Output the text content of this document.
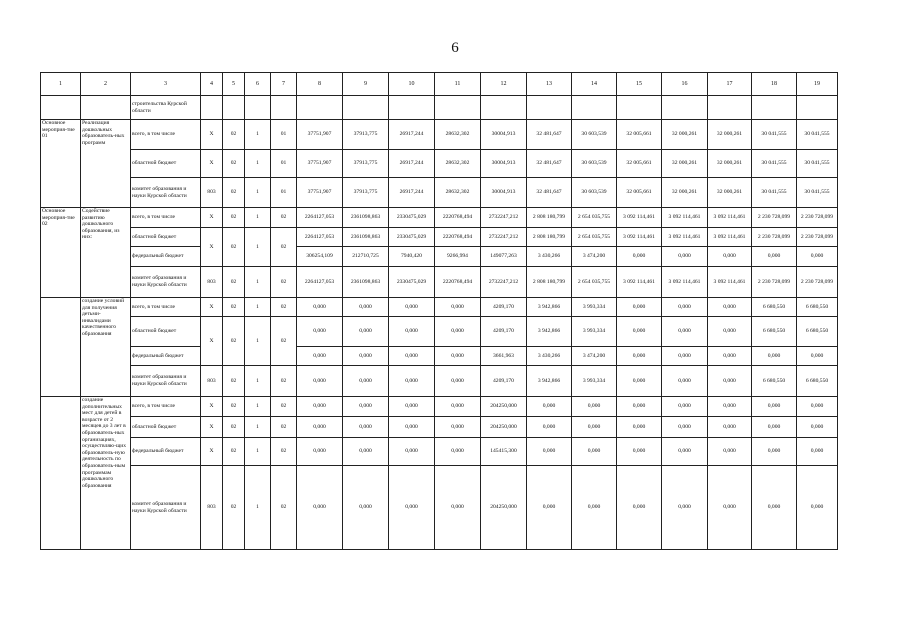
6
1	2	3	4	5	6	7	8	9	10	11	12	13	14	15	16	17	18	19
		строительства Курской области																
Основное мероприя-тие 01	Реализация дошкольных образователь-ных программ	всего, в том числе	Х	02	1	01	37751,907	37913,775	26917,244	28632,302	30004,913	32 481,647	30 603,539	32 005,661	32 000,261	32 000,261	30 041,555	30 041,555
		областной бюджет	Х	02	1	01	37751,907	37913,775	26917,244	28632,302	30004,913	32 481,647	30 603,539	32 005,661	32 000,261	32 000,261	30 041,555	30 041,555
		комитет образования и науки Курской области	803	02	1	01	37751,907	37913,775	26917,244	28632,302	30004,913	32 481,647	30 603,539	32 005,661	32 000,261	32 000,261	30 041,555	30 041,555
Основное мероприя-тие 02	Содействие развитию дошкольного образования, из них:	всего, в том числе	Х	02	1	02	2264127,053	2361098,863	2330475,029	2220768,494	2732247,212	2 808 180,799	2 654 035,755	3 092 114,461	3 092 114,461	3 092 114,461	2 230 728,099	2 230 728,099
		областной бюджет	Х	02	1	02	2264127,053	2361098,863	2330475,029	2220768,494	2732247,212	2 808 180,799	2 654 035,755	3 092 114,461	3 092 114,461	3 092 114,461	2 230 728,099	2 230 728,099
		федеральный бюджет					306254,109	212710,725	7940,420	9266,994	149077,263	3 430,266	3 474,200	0,000	0,000	0,000	0,000	0,000
		комитет образования и науки Курской области	803	02	1	02	2264127,053	2361098,863	2330475,029	2220768,494	2732247,212	2 808 180,799	2 654 035,755	3 092 114,461	3 092 114,461	3 092 114,461	2 230 728,099	2 230 728,099
	создание условий для получения детьми-инвалидами качественного образования	всего, в том числе	Х	02	1	02	0,000	0,000	0,000	0,000	4209,170	3 942,866	3 993,334	0,000	0,000	0,000	6 680,550	6 680,550
		областной бюджет	Х	02	1	02	0,000	0,000	0,000	0,000	4209,170	3 942,866	3 993,334	0,000	0,000	0,000	6 680,550	6 680,550
		федеральный бюджет					0,000	0,000	0,000	0,000	3661,963	3 430,266	3 474,200	0,000	0,000	0,000	0,000	0,000
		комитет образования и науки Курской области	803	02	1	02	0,000	0,000	0,000	0,000	4209,170	3 942,866	3 993,334	0,000	0,000	0,000	6 680,550	6 680,550
	создание дополнительных мест для детей в возрасте от 2 месяцев до 3 лет в образователь-ных организациях, осуществляю-щих образователь-ную деятельность по образователь-ным программам дошкольного образования	всего, в том числе	Х	02	1	02	0,000	0,000	0,000	0,000	204250,000	0,000	0,000	0,000	0,000	0,000	0,000	0,000
		областной бюджет	Х	02	1	02	0,000	0,000	0,000	0,000	204250,000	0,000	0,000	0,000	0,000	0,000	0,000	0,000
		федеральный бюджет	Х	02	1	02	0,000	0,000	0,000	0,000	145415,300	0,000	0,000	0,000	0,000	0,000	0,000	0,000
		комитет образования и науки Курской области	803	02	1	02	0,000	0,000	0,000	0,000	204250,000	0,000	0,000	0,000	0,000	0,000	0,000	0,000
